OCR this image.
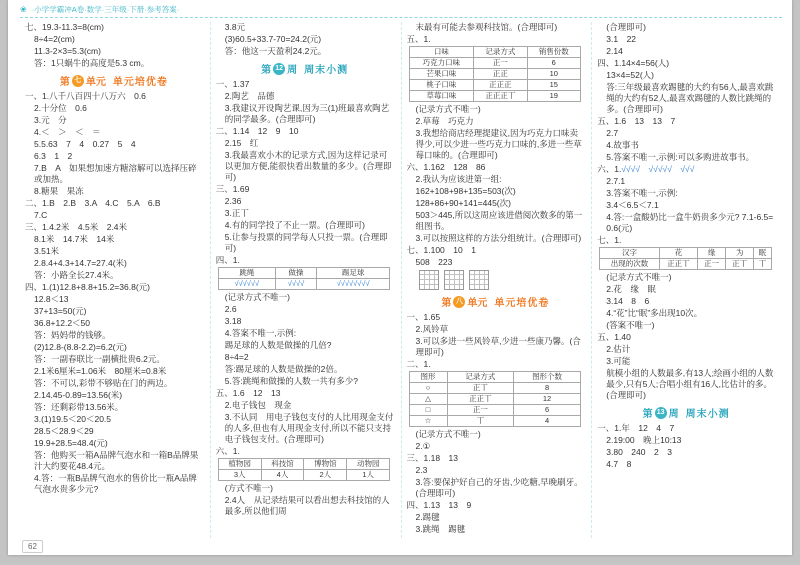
❀ ·小学学霸冲A卷·数学·三年级·下册·参考答案·
七、19.3-11.3=8(cm)
8÷4=2(cm)
11.3-2×3=5.3(cm)
答：1只蜗牛的高度是5.3 cm。
第 七 单元 单元培优卷
一、1.八千八百四十八万六　0.6
2.十分位　0.6
3.元　分
4.＜　＞　＜　＝
5.5.63　7　4　0.27　5　4
6.3　1　2
7.B　A　如果想加速方糖溶解可以选择压碎或加热。
8.糖果　果冻
二、1.B　2.B　3.A　4.C　5.A　6.B
7.C
三、1.4.2米　4.5米　2.4米
8.1米　14.7米　14米
3.51米
2.8.4+4.3+14.7=27.4(米)
答：小路全长27.4米。
四、1.(1)12.8+8.8+15.2=36.8(元)
12.8＜13
37+13=50(元)
36.8+12.2＜50
答：妈妈带的钱够。
(2)12.8-(8.8-2.2)=6.2(元)
答：一副春联比一副横批贵6.2元。
2.1米6厘米=1.06米　80厘米=0.8米
答：不可以,彩带不够贴在门的两边。
2.14.45-0.89=13.56(米)
答：还剩彩带13.56米。
3.(1)19.5＜20＜20.5
28.5＜28.9＜29
19.9+28.5=48.4(元)
答：他购买一箱A品牌气泡水和一箱B品牌果汁大约要花48.4元。
4.答：一瓶B品牌气泡水的售价比一瓶A品牌气泡水贵多少元?
3.8元
(3)60.5+33.7-70=24.2(元)
答：他这一天盈利24.2元。
第 12 周 周末小测
一、1.37
2.陶艺　品德
3.我建议开设陶艺课,因为三(1)班最喜欢陶艺的同学最多。(合理即可)
二、1.14　12　9　10
2.15　红
3.我最喜欢小木的记录方式,因为这样记录可以更加方便,能很快看出数量的多少。(合理即可)
三、1.69
2.36
3.正丅
4.有的同学投了不止一票。(合理即可)
5.让参与投票的同学每人只投一票。(合理即可)
四、1.
跳绳	做操	踢足球
√√√√√√	√√√√	√√√√√√√√
(记录方式不唯一)
2.6
3.18
4.答案不唯一,示例:
踢足球的人数是做操的几倍?
8÷4=2
答:踢足球的人数是做操的2倍。
5.答:跳绳和做操的人数一共有多少?
五、1.6　12　13
2.电子钱包　现金
3.不认同　用电子钱包支付的人比用现金支付的人多,但也有人用现金支付,所以不能只支持电子钱包支付。(合理即可)
六、1.
植物园	科技馆	博物馆	动物园
3人	4人	2人	1人
(方式不唯一)
2.4人　从记录结果可以看出想去科技馆的人最多,所以他们周
末最有可能去参观科技馆。(合理即可)
五、1.
口味	记录方式	销售份数
巧克力口味	正一	6
芒果口味	正正	10
桃子口味	正正正	15
草莓口味	正正正丅	19
(记录方式不唯一)
2.草莓　巧克力
3.我想给商店经理提建议,因为巧克力口味卖得少,可以少进一些巧克力口味的,多进一些草莓口味的。(合理即可)
六、1.162　128　86
2.我认为应该进第一组:
162+108+98+135=503(次)
128+86+90+141=445(次)
503＞445,所以这周应该进借阅次数多的第一组图书。
3.可以按照这样的方法分组统计。(合理即可)
七、1.100　10　1
508　223
第 八 单元 单元培优卷
一、1.65
2.风铃草
3.可以多进一些风铃草,少进一些康乃馨。(合理即可)
二、1.
图形	记录方式	图形个数
○	正丅	8
△	正正丅	12
□	正一	6
☆	丅	4
(记录方式不唯一)
2.①
三、1.18　13
2.3
3.答:要保护好自己的牙齿,少吃糖,早晚刷牙。(合理即可)
四、1.13　13　9
2.踢毽
3.跳绳　踢毽
(合理即可)
3.1　22
2.14
四、1.14×4=56(人)
13×4=52(人)
答:三年级最喜欢踢毽的大约有56人,最喜欢跳绳的大约有52人,最喜欢踢毽的人数比跳绳的多。(合理即可)
五、1.6　13　13　7
2.7
4.故事书
5.答案不唯一,示例:可以多购进故事书。
六、1.√√√√　 √√√√√　 √√√
2.7.1
3.答案不唯一,示例:
3.4＜6.5＜7.1
4.答:一盒酸奶比一盒牛奶贵多少元? 7.1-6.5=0.6(元)
七、1.
汉字	花	缘	为	眠
出现的次数	正正丅	正一	正丅	丅
(记录方式不唯一)
2.花　缘　眠
3.14　8　6
4.“花”比“眠”多出现10次。
(答案不唯一)
五、1.40
2.估计
3.可能
航模小组的人数最多,有13人;绘画小组的人数最少,只有5人;合唱小组有16人,比估计的多。(合理即可)
第 13 周 周末小测
一、1.年　12　4　7
2.19:00　晚上10:13
3.80　240　2　3
4.7　8
62
